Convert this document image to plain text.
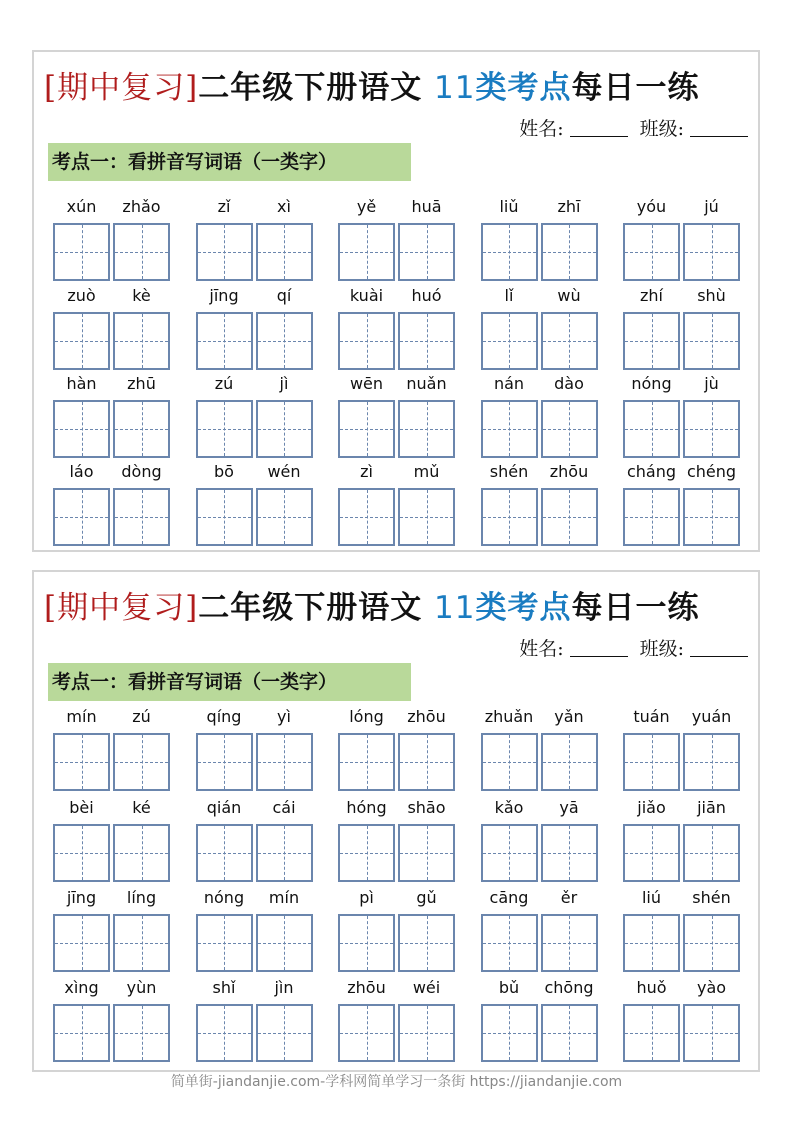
[期中复习]二年级下册语文 11类考点每日一练
姓名:	班级:
考点一：看拼音写词语（一类字）
xún	zhǎo	zǐ	xì	yě	huā	liǔ	zhī	yóu	jú
zuò	kè	jīng	qí	kuài	huó	lǐ	wù	zhí	shù
hàn	zhū	zú	jì	wēn	nuǎn	nán	dào	nóng	jù
láo	dòng	bō	wén	zì	mǔ	shén	zhōu	cháng chéng
[期中复习]二年级下册语文 11类考点每日一练
姓名:	班级:
考点一：看拼音写词语（一类字）
mín	zú	qíng	yì	lóng	zhōu	zhuǎn	yǎn	tuán	yuán
bèi	ké	qián	cái	hóng	shāo	kǎo	yā	jiǎo	jiān
jīng	líng	nóng	mín	pì	gǔ	cāng	ěr	liú	shén
xìng	yùn	shǐ	jìn	zhōu	wéi	bǔ	chōng	huǒ	yào
简单街-jiandanjie.com-学科网简单学习一条街 https://jiandanjie.com
